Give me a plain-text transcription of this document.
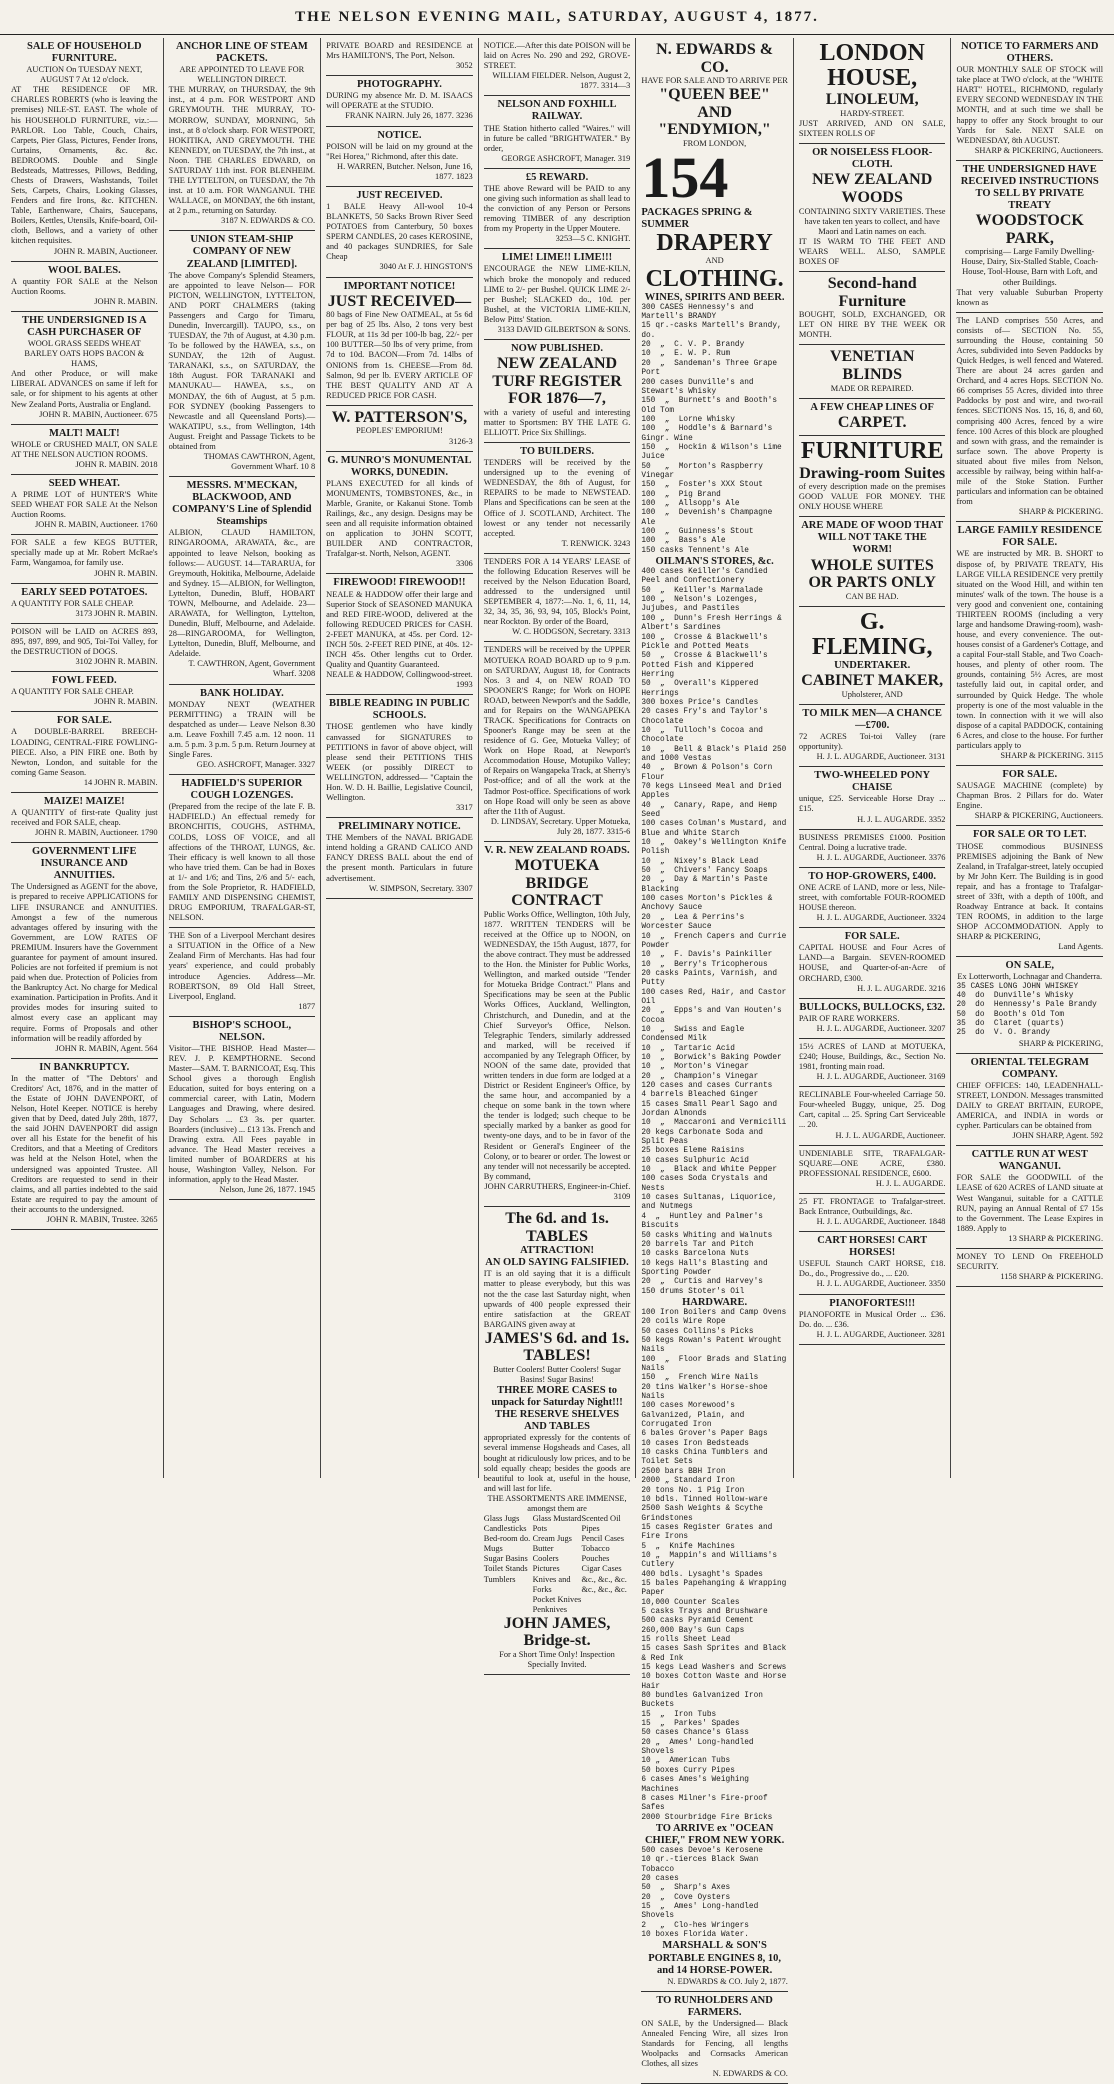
THE NELSON EVENING MAIL, SATURDAY, AUGUST 4, 1877.
SALE OF HOUSEHOLD FURNITURE.
AUCTION On TUESDAY NEXT, AUGUST 7 At 12 o'clock.
AT THE RESIDENCE OF MR. CHARLES ROBERTS (who is leaving the premises) NILE-ST. EAST. The whole of his HOUSEHOLD FURNITURE, viz.:— PARLOR. Loo Table, Couch, Chairs, Carpets, Pier Glass, Pictures, Fender Irons, Curtains, Ornaments, &c. &c. BEDROOMS. Double and Single Bedsteads, Mattresses, Pillows, Bedding, Chests of Drawers, Washstands, Toilet Sets, Carpets, Chairs, Looking Glasses, Fenders and fire Irons, &c. KITCHEN. Table, Earthenware, Chairs, Saucepans, Boilers, Kettles, Utensils, Knife-board, Oil-cloth, Bellows, and a variety of other kitchen requisites.
JOHN R. MABIN, Auctioneer.
WOOL BALES.
A quantity FOR SALE at the Nelson Auction Rooms.
JOHN R. MABIN.
THE UNDERSIGNED IS A CASH PURCHASER OF
WOOL GRASS SEEDS WHEAT BARLEY OATS HOPS BACON & HAMS,
And other Produce, or will make LIBERAL ADVANCES on same if left for sale, or for shipment to his agents at other New Zealand Ports, Australia or England.
JOHN R. MABIN, Auctioneer. 675
MALT! MALT!
WHOLE or CRUSHED MALT, ON SALE AT THE NELSON AUCTION ROOMS.
JOHN R. MABIN. 2018
SEED WHEAT.
A PRIME LOT of HUNTER'S White SEED WHEAT FOR SALE At the Nelson Auction Rooms.
JOHN R. MABIN, Auctioneer. 1760
FOR SALE a few KEGS BUTTER, specially made up at Mr. Robert McRae's Farm, Wangamoa, for family use.
JOHN R. MABIN.
EARLY SEED POTATOES.
A QUANTITY FOR SALE CHEAP.
3173 JOHN R. MABIN.
POISON will be LAID on ACRES 893, 895, 897, 899, and 905, Toi-Toi Valley, for the DESTRUCTION of DOGS.
3102 JOHN R. MABIN.
FOWL FEED.
A QUANTITY FOR SALE CHEAP.
JOHN R. MABIN.
FOR SALE.
A DOUBLE-BARREL BREECH-LOADING, CENTRAL-FIRE FOWLING-PIECE. Also, a PIN FIRE one. Both by Newton, London, and suitable for the coming Game Season.
14 JOHN R. MABIN.
MAIZE! MAIZE!
A QUANTITY of first-rate Quality just received and FOR SALE, cheap.
JOHN R. MABIN, Auctioneer. 1790
GOVERNMENT LIFE INSURANCE AND ANNUITIES.
The Undersigned as AGENT for the above, is prepared to receive APPLICATIONS for LIFE INSURANCE and ANNUITIES. Amongst a few of the numerous advantages offered by insuring with the Government, are LOW RATES OF PREMIUM. Insurers have the Government guarantee for payment of amount insured. Policies are not forfeited if premium is not paid when due. Protection of Policies from the Bankruptcy Act. No charge for Medical examination. Participation in Profits. And it provides modes for insuring suited to almost every case an applicant may require. Forms of Proposals and other information will be readily afforded by
JOHN R. MABIN, Agent. 564
IN BANKRUPTCY.
In the matter of "The Debtors' and Creditors' Act, 1876, and in the matter of the Estate of JOHN DAVENPORT, of Nelson, Hotel Keeper. NOTICE is hereby given that by Deed, dated July 28th, 1877, the said JOHN DAVENPORT did assign over all his Estate for the benefit of his Creditors, and that a Meeting of Creditors was held at the Nelson Hotel, when the undersigned was appointed Trustee. All Creditors are requested to send in their claims, and all parties indebted to the said Estate are required to pay the amount of their accounts to the undersigned.
JOHN R. MABIN, Trustee. 3265
ANCHOR LINE OF STEAM PACKETS.
ARE APPOINTED TO LEAVE FOR WELLINGTON DIRECT.
THE MURRAY, on THURSDAY, the 9th inst., at 4 p.m. FOR WESTPORT AND GREYMOUTH. THE MURRAY, TO-MORROW, SUNDAY, MORNING, 5th inst., at 8 o'clock sharp. FOR WESTPORT, HOKITIKA, AND GREYMOUTH. THE KENNEDY, on TUESDAY, the 7th inst., at Noon. THE CHARLES EDWARD, on SATURDAY 11th inst. FOR BLENHEIM. THE LYTTELTON, on TUESDAY, the 7th inst. at 10 a.m. FOR WANGANUI. THE WALLACE, on MONDAY, the 6th instant, at 2 p.m., returning on Saturday.
3187 N. EDWARDS & CO.
UNION STEAM-SHIP COMPANY OF NEW ZEALAND [LIMITED].
The above Company's Splendid Steamers, are appointed to leave Nelson— FOR PICTON, WELLINGTON, LYTTELTON, AND PORT CHALMERS (taking Passengers and Cargo for Timaru, Dunedin, Invercargill). TAUPO, s.s., on TUESDAY, the 7th of August, at 4.30 p.m. To be followed by the HAWEA, s.s., on SUNDAY, the 12th of August. TARANAKI, s.s., on SATURDAY, the 18th August. FOR TARANAKI and MANUKAU— HAWEA, s.s., on MONDAY, the 6th of August, at 5 p.m. FOR SYDNEY (booking Passengers to Newcastle and all Queensland Ports).— WAKATIPU, s.s., from Wellington, 14th August. Freight and Passage Tickets to be obtained from
THOMAS CAWTHRON, Agent, Government Wharf. 10 8
MESSRS. M'MECKAN, BLACKWOOD, AND COMPANY'S Line of Splendid Steamships
ALBION, CLAUD HAMILTON, RINGAROOMA, ARAWATA, &c., are appointed to leave Nelson, booking as follows:— AUGUST. 14—TARARUA, for Greymouth, Hokitika, Melbourne, Adelaide and Sydney. 15—ALBION, for Wellington, Lyttelton, Dunedin, Bluff, HOBART TOWN, Melbourne, and Adelaide. 23—ARAWATA, for Wellington, Lyttelton, Dunedin, Bluff, Melbourne, and Adelaide. 28—RINGAROOMA, for Wellington, Lyttelton, Dunedin, Bluff, Melbourne, and Adelaide.
T. CAWTHRON, Agent, Government Wharf. 3208
BANK HOLIDAY.
MONDAY NEXT (WEATHER PERMITTING) a TRAIN will be despatched as under— Leave Nelson 8.30 a.m. Leave Foxhill 7.45 a.m. 12 noon. 11 a.m. 5 p.m. 3 p.m. 5 p.m. Return Journey at Single Fares.
GEO. ASHCROFT, Manager. 3327
HADFIELD'S SUPERIOR COUGH LOZENGES.
(Prepared from the recipe of the late F. B. HADFIELD.) An effectual remedy for BRONCHITIS, COUGHS, ASTHMA, COLDS, LOSS OF VOICE, and all affections of the THROAT, LUNGS, &c. Their efficacy is well known to all those who have tried them. Can be had in Boxes at 1/- and 1/6; and Tins, 2/6 and 5/- each, from the Sole Proprietor, R. HADFIELD, FAMILY AND DISPENSING CHEMIST, DRUG EMPORIUM, TRAFALGAR-ST, NELSON.
THE Son of a Liverpool Merchant desires a SITUATION in the Office of a New Zealand Firm of Merchants. Has had four years' experience, and could probably introduce Agencies. Address—Mr. ROBERTSON, 89 Old Hall Street, Liverpool, England.
1877
BISHOP'S SCHOOL, NELSON.
Visitor—THE BISHOP. Head Master—REV. J. P. KEMPTHORNE. Second Master—SAM. T. BARNICOAT, Esq. This School gives a thorough English Education, suited for boys entering on a commercial career, with Latin, Modern Languages and Drawing, where desired. Day Scholars ... £3 3s. per quarter. Boarders (inclusive) ... £13 13s. French and Drawing extra. All Fees payable in advance. The Head Master receives a limited number of BOARDERS at his house, Washington Valley, Nelson. For information, apply to the Head Master.
Nelson, June 26, 1877. 1945
PRIVATE BOARD and RESIDENCE at Mrs HAMILTON'S, The Port, Nelson.
3052
PHOTOGRAPHY.
DURING my absence Mr. D. M. ISAACS will OPERATE at the STUDIO.
FRANK NAIRN. July 26, 1877. 3236
NOTICE.
POISON will be laid on my ground at the "Rei Horea," Richmond, after this date.
H. WARREN, Butcher. Nelson, June 16, 1877. 1823
JUST RECEIVED.
1 BALE Heavy All-wool 10-4 BLANKETS, 50 Sacks Brown River Seed POTATOES from Canterbury, 50 boxes SPERM CANDLES, 20 cases KEROSINE, and 40 packages SUNDRIES, for Sale Cheap
3040 At F. J. HINGSTON'S
IMPORTANT NOTICE!
JUST RECEIVED—
80 bags of Fine New OATMEAL, at 5s 6d per bag of 25 lbs. Also, 2 tons very best FLOUR, at 11s 3d per 100-lb bag, 22/- per 100 BUTTER—50 lbs of very prime, from 7d to 10d. BACON—From 7d. 14lbs of ONIONS from 1s. CHEESE—From 8d. Salmon, 9d per lb. EVERY ARTICLE OF THE BEST QUALITY AND AT A REDUCED PRICE FOR CASH.
W. PATTERSON'S,
PEOPLES' EMPORIUM!
3126-3
G. MUNRO'S MONUMENTAL WORKS, DUNEDIN.
PLANS EXECUTED for all kinds of MONUMENTS, TOMBSTONES, &c., in Marble, Granite, or Kakanui Stone. Tomb Railings, &c., any design. Designs may be seen and all requisite information obtained on application to JOHN SCOTT, BUILDER AND CONTRACTOR, Trafalgar-st. North, Nelson, AGENT.
3306
FIREWOOD! FIREWOOD!!
NEALE & HADDOW offer their large and Superior Stock of SEASONED MANUKA and RED FIRE-WOOD, delivered at the following REDUCED PRICES for CASH. 2-FEET MANUKA, at 45s. per Cord. 12-INCH 50s. 2-FEET RED PINE, at 40s. 12-INCH 45s. Other lengths cut to Order. Quality and Quantity Guaranteed.
NEALE & HADDOW, Collingwood-street. 1993
BIBLE READING IN PUBLIC SCHOOLS.
THOSE gentlemen who have kindly canvassed for SIGNATURES to PETITIONS in favor of above object, will please send their PETITIONS THIS WEEK (or possibly DIRECT to WELLINGTON, addressed— "Captain the Hon. W. D. H. Baillie, Legislative Council, Wellington.
3317
PRELIMINARY NOTICE.
THE Members of the NAVAL BRIGADE intend holding a GRAND CALICO AND FANCY DRESS BALL about the end of the present month. Particulars in future advertisement.
W. SIMPSON, Secretary. 3307
NOTICE.—After this date POISON will be laid on Acres No. 290 and 292, GROVE-STREET.
WILLIAM FIELDER. Nelson, August 2, 1877. 3314—3
NELSON AND FOXHILL RAILWAY.
THE Station hitherto called "Waires." will in future be called "BRIGHTWATER." By order,
GEORGE ASHCROFT, Manager. 319
£5 REWARD.
THE above Reward will be PAID to any one giving such information as shall lead to the conviction of any Person or Persons removing TIMBER of any description from my Property in the Upper Moutere.
3253—5 C. KNIGHT.
LIME! LIME!! LIME!!!
ENCOURAGE the NEW LIME-KILN, which broke the monopoly and reduced LIME to 2/- per Bushel. QUICK LIME 2/- per Bushel; SLACKED do., 10d. per Bushel, at the VICTORIA LIME-KILN, Below Pitts' Station.
3133 DAVID GILBERTSON & SONS.
NOW PUBLISHED.
NEW ZEALAND TURF REGISTER FOR 1876—7,
with a variety of useful and interesting matter to Sportsmen: BY THE LATE G. ELLIOTT. Price Six Shillings.
TO BUILDERS.
TENDERS will be received by the undersigned up to the evening of WEDNESDAY, the 8th of August, for REPAIRS to be made to NEWSTEAD. Plans and Specifications can be seen at the Office of J. SCOTLAND, Architect. The lowest or any tender not necessarily accepted.
T. RENWICK. 3243
TENDERS FOR A 14 YEARS' LEASE of the following Education Reserves will be received by the Nelson Education Board, addressed to the undersigned until SEPTEMBER 4, 1877:—No. 1, 6, 11, 14, 32, 34, 35, 36, 93, 94, 105, Block's Point, near Rockton. By order of the Board,
W. C. HODGSON, Secretary. 3313
TENDERS will be received by the UPPER MOTUEKA ROAD BOARD up to 9 p.m. on SATURDAY, August 18, for Contracts Nos. 3 and 4, on NEW ROAD TO SPOONER'S Range; for Work on HOPE ROAD, between Newport's and the Saddle, and for Repairs on the WANGAPEKA TRACK. Specifications for Contracts on Spooner's Range may be seen at the residence of G. Gee, Motueka Valley; of Work on Hope Road, at Newport's Accommodation House, Motupiko Valley; of Repairs on Wangapeka Track, at Sherry's Post-office; and of all the work at the Tadmor Post-office. Specifications of work on Hope Road will only be seen as above after the 11th of August.
D. LINDSAY, Secretary. Upper Motueka, July 28, 1877. 3315-6
V. R. NEW ZEALAND ROADS.
MOTUEKA BRIDGE CONTRACT
Public Works Office, Wellington, 10th July, 1877. WRITTEN TENDERS will be received at the Office up to NOON, on WEDNESDAY, the 15th August, 1877, for the above contract. They must be addressed to the Hon. the Minister for Public Works, Wellington, and marked outside "Tender for Motueka Bridge Contract." Plans and Specifications may be seen at the Public Works Offices, Auckland, Wellington, Christchurch, and Dunedin, and at the Chief Surveyor's Office, Nelson. Telegraphic Tenders, similarly addressed and marked, will be received if accompanied by any Telegraph Officer, by NOON of the same date, provided that written tenders in due form are lodged at a District or Resident Engineer's Office, by the same hour, and accompanied by a cheque on some bank in the town where the tender is lodged; such cheque to be specially marked by a banker as good for twenty-one days, and to be in favor of the Resident or General's Engineer of the Colony, or to bearer or order. The lowest or any tender will not necessarily be accepted. By command,
JOHN CARRUTHERS, Engineer-in-Chief. 3109
The 6d. and 1s. TABLES
ATTRACTION!
AN OLD SAYING FALSIFIED.
IT is an old saying that it is a difficult matter to please everybody, but this was not the the case last Saturday night, when upwards of 400 people expressed their entire satisfaction at the GREAT BARGAINS given away at
JAMES'S 6d. and 1s. TABLES!
Butter Coolers! Butter Coolers! Sugar Basins! Sugar Basins!
THREE MORE CASES to unpack for Saturday Night!!!
THE RESERVE SHELVES AND TABLES
appropriated expressly for the contents of several immense Hogsheads and Cases, all bought at ridiculously low prices, and to be sold equally cheap; besides the goods are beautiful to look at, useful in the house, and will last for life.
THE ASSORTMENTS ARE IMMENSE, amongst them are
Glass Jugs
Candlesticks
Bed-room do.
Mugs
Sugar Basins
Toilet Stands
Tumblers
Glass Mustard Pots
Cream Jugs
Butter Coolers
Pictures
Knives and Forks
Pocket Knives
Penknives
Scented Oil
Pipes
Pencil Cases
Tobacco Pouches
Cigar Cases
&c., &c., &c.
&c., &c., &c.
JOHN JAMES, Bridge-st.
For a Short Time Only! Inspection Specially Invited.
N. EDWARDS & CO.
HAVE FOR SALE AND TO ARRIVE PER
"QUEEN BEE" AND "ENDYMION,"
FROM LONDON,
154
PACKAGES SPRING & SUMMER
DRAPERY
AND
CLOTHING.
WINES, SPIRITS AND BEER.
300 CASES Hennessy's and Martell's BRANDY
15 qr.-casks Martell's Brandy, do.
20  „  C. V. P. Brandy
10  „  E. W. P. Rum
20  „  Sandeman's Three Grape Port
200 cases Dunville's and Stewart's Whisky
150  „  Burnett's and Booth's Old Tom
100  „  Lorne Whisky
100  „  Hoddle's & Barnard's Gingr. Wine
150  „  Hockin & Wilson's Lime Juice
50   „  Morton's Raspberry Vinegar
150  „  Foster's XXX Stout
100  „  Pig Brand
100  „  Allsopp's Ale
100  „  Devenish's Champagne Ale
100  „  Guinness's Stout
100  „  Bass's Ale
150 casks Tennent's Ale
OILMAN'S STORES, &c.
400 cases Keiller's Candied Peel and Confectionery
50  „  Keiller's Marmalade
100 „  Nelson's Lozenges, Jujubes, and Pastiles
100 „  Dunn's Fresh Herrings & Albert's Sardines
100 „  Crosse & Blackwell's Pickle and Potted Meats
50  „  Crosse & Blackwell's Potted Fish and Kippered Herring
50  „  Overall's Kippered Herrings
300 boxes Price's Candles
20 cases Fry's and Taylor's Chocolate
10  „  Tulloch's Cocoa and Chocolate
10  „  Bell & Black's Plaid 250 and 1000 Vestas
40  „  Brown & Polson's Corn Flour
70 kegs Linseed Meal and Dried Apples
40  „  Canary, Rape, and Hemp Seed
100 cases Colman's Mustard, and Blue and White Starch
10  „  Oakey's Wellington Knife Polish
10  „  Nixey's Black Lead
50  „  Chivers' Fancy Soaps
20  „  Day & Martin's Paste Blacking
100 cases Morton's Pickles & Anchovy Sauce
20  „  Lea & Perrins's Worcester Sauce
10  „  French Capers and Currie Powder
10  „  F. Davis's Painkiller
10  „  Berry's Tricopherous
20 casks Paints, Varnish, and Putty
100 cases Red, Hair, and Castor Oil
20  „  Epps's and Van Houten's Cocoa
10  „  Swiss and Eagle Condensed Milk
10  „  Tartaric Acid
10  „  Borwick's Baking Powder
10  „  Morton's Vinegar
20  „  Champion's Vinegar
120 cases and cases Currants
4 barrels Bleached Ginger
15 cases Small Pearl Sago and Jordan Almonds
10  „  Maccaroni and Vermicilli
20 kegs Carbonate Soda and Split Peas
25 boxes Eleme Raisins
10 cases Sulphuric Acid
10  „  Black and White Pepper
100 cases Soda Crystals and Nests
10 cases Sultanas, Liquorice, and Nutmegs
4  „  Huntley and Palmer's Biscuits
50 casks Whiting and Walnuts
20 barrels Tar and Pitch
10 casks Barcelona Nuts
10 kegs Hall's Blasting and Sporting Powder
20  „  Curtis and Harvey's
150 drums Stoter's Oil
HARDWARE.
100 Iron Boilers and Camp Ovens
20 coils Wire Rope
50 cases Collins's Picks
50 kegs Rowan's Patent Wrought Nails
100  „  Floor Brads and Slating Nails
150  „  French Wire Nails
20 tins Walker's Horse-shoe Nails
100 cases Morewood's Galvanized, Plain, and Corrugated Iron
6 bales Grover's Paper Bags
10 cases Iron Bedsteads
10 casks China Tumblers and Toilet Sets
2500 bars BBH Iron
2000 „ Standard Iron
20 tons No. 1 Pig Iron
10 bdls. Tinned Hollow-ware
2500 Sash Weights & Scythe Grindstones
15 cases Register Grates and Fire Irons
5  „  Knife Machines
10 „  Mappin's and Williams's Cutlery
400 bdls. Lysaght's Spades
15 bales Papehanging & Wrapping Paper
10,000 Counter Scales
5 casks Trays and Brushware
500 casks Pyramid Cement
260,000 Bay's Gun Caps
15 rolls Sheet Lead
15 cases Sash Sprites and Black & Red Ink
15 kegs Lead Washers and Screws
10 boxes Cotton Waste and Horse Hair
80 bundles Galvanized Iron Buckets
15  „  Iron Tubs
15  „  Parkes' Spades
50 cases Chance's Glass
20 „  Ames' Long-handled Shovels
10 „  American Tubs
50 boxes Curry Pipes
6 cases Ames's Weighing Machines
8 cases Milner's Fire-proof Safes
2000 Stourbridge Fire Bricks
TO ARRIVE ex "OCEAN CHIEF," FROM NEW YORK.
500 cases Devoe's Kerosene
10 qr.-tierces Black Swan Tobacco
20 cases
50  „  Sharp's Axes
20  „  Cove Oysters
15  „  Ames' Long-handled Shovels
2   „  Clo-hes Wringers
10 boxes Florida Water.
MARSHALL & SON'S PORTABLE ENGINES 8, 10, and 14 HORSE-POWER.
N. EDWARDS & CO. July 2, 1877.
TO RUNHOLDERS AND FARMERS.
ON SALE, by the Undersigned— Black Annealed Fencing Wire, all sizes Iron Standards for Fencing, all lengths Woolpacks and Cornsacks American Clothes, all sizes
N. EDWARDS & CO.
LONDON HOUSE,
LINOLEUM,
HARDY-STREET.
JUST ARRIVED, AND ON SALE, SIXTEEN ROLLS OF
OR NOISELESS FLOOR-CLOTH.
NEW ZEALAND WOODS
CONTAINING SIXTY VARIETIES. These have taken ten years to collect, and have Maori and Latin names on each.
IT IS WARM TO THE FEET AND WEARS WELL. ALSO, SAMPLE BOXES OF
Second-hand Furniture
BOUGHT, SOLD, EXCHANGED, OR LET ON HIRE BY THE WEEK OR MONTH.
VENETIAN BLINDS
MADE OR REPAIRED.
A FEW CHEAP LINES OF
CARPET.
FURNITURE
Drawing-room Suites
of every description made on the premises GOOD VALUE FOR MONEY. THE ONLY HOUSE WHERE
ARE MADE OF WOOD THAT WILL NOT TAKE THE WORM!
WHOLE SUITES OR PARTS ONLY
CAN BE HAD.
G. FLEMING,
UNDERTAKER.
CABINET MAKER,
Upholsterer, AND
TO MILK MEN—A CHANCE—£700.
72 ACRES Toi-toi Valley (rare opportunity).
H. J. L. AUGARDE, Auctioneer. 3131
TWO-WHEELED PONY CHAISE
unique, £25. Serviceable Horse Dray ... £15.
H. J. L. AUGARDE. 3352
BUSINESS PREMISES £1000. Position Central. Doing a lucrative trade.
H. J. L. AUGARDE, Auctioneer. 3376
TO HOP-GROWERS, £400.
ONE ACRE of LAND, more or less, Nile-street, with comfortable FOUR-ROOMED HOUSE thereon.
H. J. L. AUGARDE, Auctioneer. 3324
FOR SALE.
CAPITAL HOUSE and Four Acres of LAND—a Bargain. SEVEN-ROOMED HOUSE, and Quarter-of-an-Acre of ORCHARD, £300.
H. J. L. AUGARDE. 3216
BULLOCKS, BULLOCKS, £32.
PAIR OF RARE WORKERS.
H. J. L. AUGARDE, Auctioneer. 3207
15½ ACRES of LAND at MOTUEKA, £240; House, Buildings, &c., Section No. 1981, fronting main road.
H. J. L. AUGARDE, Auctioneer. 3169
RECLINABLE Four-wheeled Carriage 50. Four-wheeled Buggy, unique, 25. Dog Cart, capital ... 25. Spring Cart Serviceable ... 20.
H. J. L. AUGARDE, Auctioneer.
UNDENIABLE SITE, TRAFALGAR-SQUARE—ONE ACRE, £380. PROFESSIONAL RESIDENCE, £600.
H. J. L. AUGARDE.
25 FT. FRONTAGE to Trafalgar-street. Back Entrance, Outbuildings, &c.
H. J. L. AUGARDE, Auctioneer. 1848
CART HORSES! CART HORSES!
USEFUL Staunch CART HORSE, £18. Do., do., Progressive do., ... £20.
H. J. L. AUGARDE, Auctioneer. 3350
PIANOFORTES!!!
PIANOFORTE in Musical Order ... £36. Do. do. ... £36.
H. J. L. AUGARDE, Auctioneer. 3281
NOTICE TO FARMERS AND OTHERS.
OUR MONTHLY SALE OF STOCK will take place at TWO o'clock, at the "WHITE HART" HOTEL, RICHMOND, regularly EVERY SECOND WEDNESDAY IN THE MONTH, and at such time we shall be happy to offer any Stock brought to our Yards for Sale. NEXT SALE on WEDNESDAY, 8th AUGUST.
SHARP & PICKERING, Auctioneers.
THE UNDERSIGNED HAVE RECEIVED INSTRUCTIONS TO SELL BY PRIVATE TREATY
WOODSTOCK PARK,
comprising— Large Family Dwelling-House, Dairy, Six-Stalled Stable, Coach-House, Tool-House, Barn with Loft, and other Buildings.
That very valuable Suburban Property known as
The LAND comprises 550 Acres, and consists of— SECTION No. 55, surrounding the House, containing 50 Acres, subdivided into Seven Paddocks by Quick Hedges, is well fenced and Watered. There are about 24 acres garden and Orchard, and 4 acres Hops. SECTION No. 66 comprises 55 Acres, divided into three Paddocks by post and wire, and two-rail fences. SECTIONS Nos. 15, 16, 8, and 60, comprising 400 Acres, fenced by a wire fence. 100 Acres of this block are ploughed and sown with grass, and the remainder is surface sown. The above Property is situated about five miles from Nelson, accessible by railway, being within half-a-mile of the Stoke Station. Further particulars and information can be obtained from
SHARP & PICKERING.
LARGE FAMILY RESIDENCE FOR SALE.
WE are instructed by MR. B. SHORT to dispose of, by PRIVATE TREATY, His LARGE VILLA RESIDENCE very prettily situated on the Wood Hill, and within ten minutes' walk of the town. The house is a very good and convenient one, containing THIRTEEN ROOMS (including a very large and handsome Drawing-room), wash-house, and every convenience. The out-houses consist of a Gardener's Cottage, and a capital Four-stall Stable, and Two Coach-houses, and plenty of other room. The grounds, containing 5½ Acres, are most tastefully laid out, in capital order, and surrounded by Quick Hedge. The whole property is one of the most valuable in the town. In connection with it we will also dispose of a capital PADDOCK, containing 6 Acres, and close to the house. For further particulars apply to
SHARP & PICKERING. 3115
FOR SALE.
SAUSAGE MACHINE (complete) by Chapman Bros. 2 Pillars for do. Water Engine.
SHARP & PICKERING, Auctioneers.
FOR SALE OR TO LET.
THOSE commodious BUSINESS PREMISES adjoining the Bank of New Zealand, in Trafalgar-street, lately occupied by Mr John Kerr. The Building is in good repair, and has a frontage to Trafalgar-street of 33ft, with a depth of 100ft, and Roadway Entrance at back. It contains TEN ROOMS, in addition to the large SHOP ACCOMMODATION. Apply to SHARP & PICKERING,
Land Agents.
ON SALE,
Ex Lotterworth, Lochnagar and Chanderra.
35 CASES LONG JOHN WHISKEY
40  do  Dunville's Whisky
20  do  Hennessy's Pale Brandy
50  do  Booth's Old Tom
35  do  Claret (quarts)
25  do  V. O. Brandy
SHARP & PICKERING,
ORIENTAL TELEGRAM COMPANY.
CHIEF OFFICES: 140, LEADENHALL-STREET, LONDON. Messages transmitted DAILY to GREAT BRITAIN, EUROPE, AMERICA, and INDIA in words or cypher. Particulars can be obtained from
JOHN SHARP, Agent. 592
CATTLE RUN AT WEST WANGANUI.
FOR SALE the GOODWILL of the LEASE of 620 ACRES of LAND situate at West Wanganui, suitable for a CATTLE RUN, paying an Annual Rental of £7 15s to the Government. The Lease Expires in 1889. Apply to
13 SHARP & PICKERING.
MONEY TO LEND On FREEHOLD SECURITY.
1158 SHARP & PICKERING.
